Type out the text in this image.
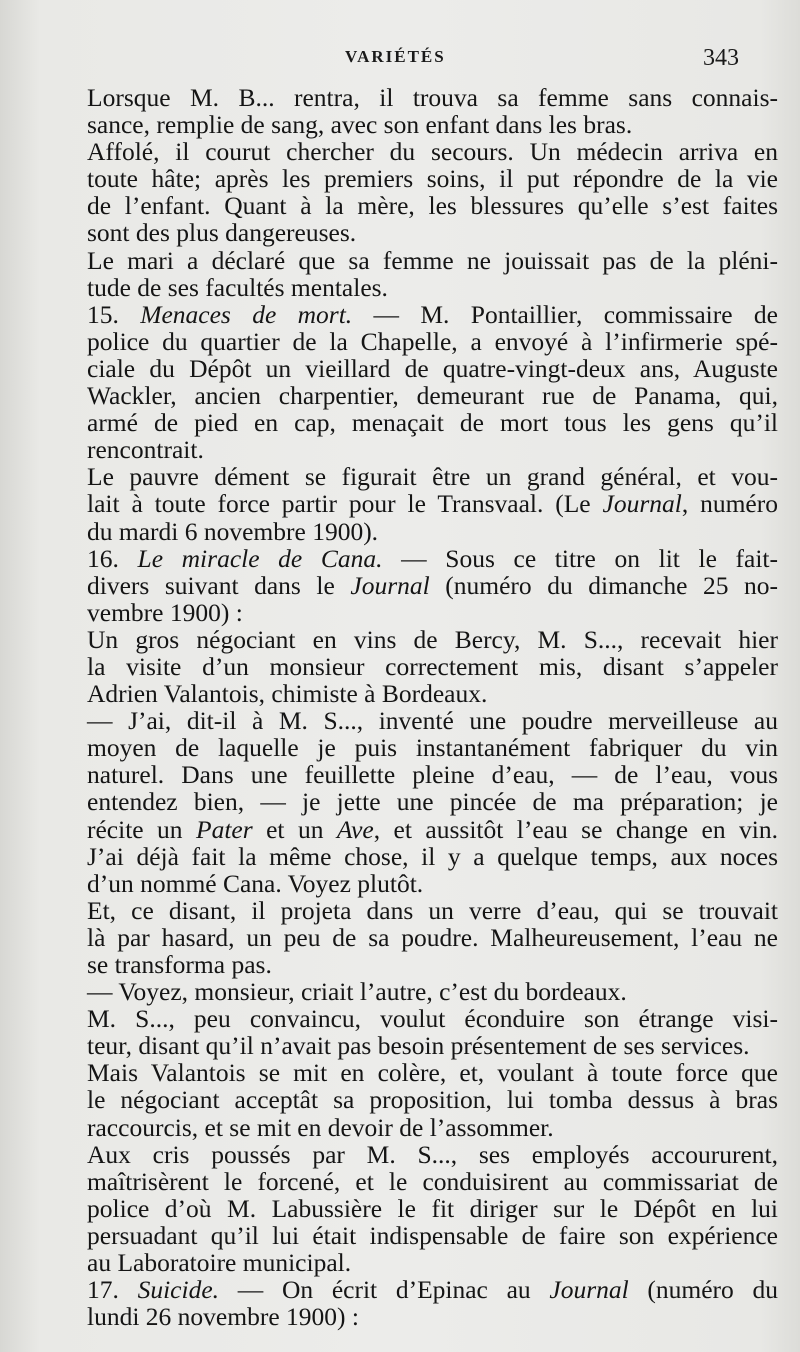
VARIÉTÉS	343
Lorsque M. B... rentra, il trouva sa femme sans connais-
sance, remplie de sang, avec son enfant dans les bras.
Affolé, il courut chercher du secours. Un médecin arriva en
toute hâte; après les premiers soins, il put répondre de la vie
de l’enfant. Quant à la mère, les blessures qu’elle s’est faites
sont des plus dangereuses.
Le mari a déclaré que sa femme ne jouissait pas de la pléni-
tude de ses facultés mentales.
15. Menaces de mort. — M. Pontaillier, commissaire de
police du quartier de la Chapelle, a envoyé à l’infirmerie spé-
ciale du Dépôt un vieillard de quatre-vingt-deux ans, Auguste
Wackler, ancien charpentier, demeurant rue de Panama, qui,
armé de pied en cap, menaçait de mort tous les gens qu’il
rencontrait.
Le pauvre dément se figurait être un grand général, et vou-
lait à toute force partir pour le Transvaal. (Le Journal, numéro
du mardi 6 novembre 1900).
16. Le miracle de Cana. — Sous ce titre on lit le fait-
divers suivant dans le Journal (numéro du dimanche 25 no-
vembre 1900) :
Un gros négociant en vins de Bercy, M. S..., recevait hier
la visite d’un monsieur correctement mis, disant s’appeler
Adrien Valantois, chimiste à Bordeaux.
— J’ai, dit-il à M. S..., inventé une poudre merveilleuse au
moyen de laquelle je puis instantanément fabriquer du vin
naturel. Dans une feuillette pleine d’eau, — de l’eau, vous
entendez bien, — je jette une pincée de ma préparation; je
récite un Pater et un Ave, et aussitôt l’eau se change en vin.
J’ai déjà fait la même chose, il y a quelque temps, aux noces
d’un nommé Cana. Voyez plutôt.
Et, ce disant, il projeta dans un verre d’eau, qui se trouvait
là par hasard, un peu de sa poudre. Malheureusement, l’eau ne
se transforma pas.
— Voyez, monsieur, criait l’autre, c’est du bordeaux.
M. S..., peu convaincu, voulut éconduire son étrange visi-
teur, disant qu’il n’avait pas besoin présentement de ses services.
Mais Valantois se mit en colère, et, voulant à toute force que
le négociant acceptât sa proposition, lui tomba dessus à bras
raccourcis, et se mit en devoir de l’assommer.
Aux cris poussés par M. S..., ses employés accoururent,
maîtrisèrent le forcené, et le conduisirent au commissariat de
police d’où M. Labussière le fit diriger sur le Dépôt en lui
persuadant qu’il lui était indispensable de faire son expérience
au Laboratoire municipal.
17. Suicide. — On écrit d’Epinac au Journal (numéro du
lundi 26 novembre 1900) :
